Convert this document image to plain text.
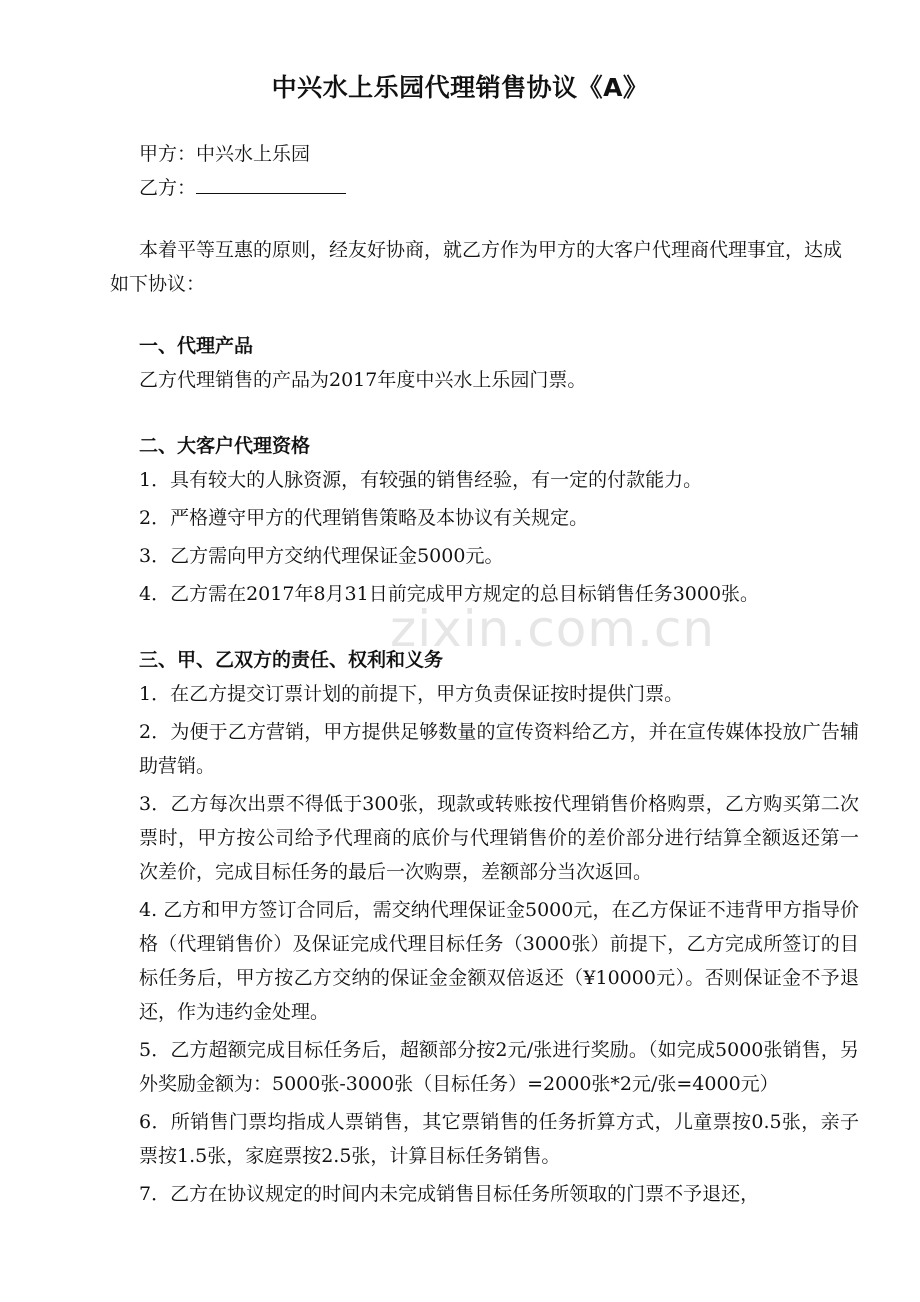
中兴水上乐园代理销售协议《A》

甲方：中兴水上乐园

乙方：

本着平等互惠的原则，经友好协商，就乙方作为甲方的大客户代理商代理事宜，达成如下协议：

一、代理产品

乙方代理销售的产品为2017年度中兴水上乐园门票。

二、大客户代理资格

1．具有较大的人脉资源，有较强的销售经验，有一定的付款能力。

2．严格遵守甲方的代理销售策略及本协议有关规定。

3．乙方需向甲方交纳代理保证金5000元。

4．乙方需在2017年8月31日前完成甲方规定的总目标销售任务3000张。

三、甲、乙双方的责任、权利和义务

1．在乙方提交订票计划的前提下，甲方负责保证按时提供门票。

2．为便于乙方营销，甲方提供足够数量的宣传资料给乙方，并在宣传媒体投放广告辅助营销。

3．乙方每次出票不得低于300张，现款或转账按代理销售价格购票，乙方购买第二次票时，甲方按公司给予代理商的底价与代理销售价的差价部分进行结算全额返还第一次差价，完成目标任务的最后一次购票，差额部分当次返回。

4. 乙方和甲方签订合同后，需交纳代理保证金5000元，在乙方保证不违背甲方指导价格（代理销售价）及保证完成代理目标任务（3000张）前提下，乙方完成所签订的目标任务后，甲方按乙方交纳的保证金金额双倍返还（¥10000元）。否则保证金不予退还，作为违约金处理。

5．乙方超额完成目标任务后，超额部分按2元/张进行奖励。（如完成5000张销售，另外奖励金额为：5000张-3000张（目标任务）=2000张*2元/张=4000元）

6．所销售门票均指成人票销售，其它票销售的任务折算方式，儿童票按0.5张，亲子票按1.5张，家庭票按2.5张，计算目标任务销售。

7．乙方在协议规定的时间内未完成销售目标任务所领取的门票不予退还，

zixin.com.cn
